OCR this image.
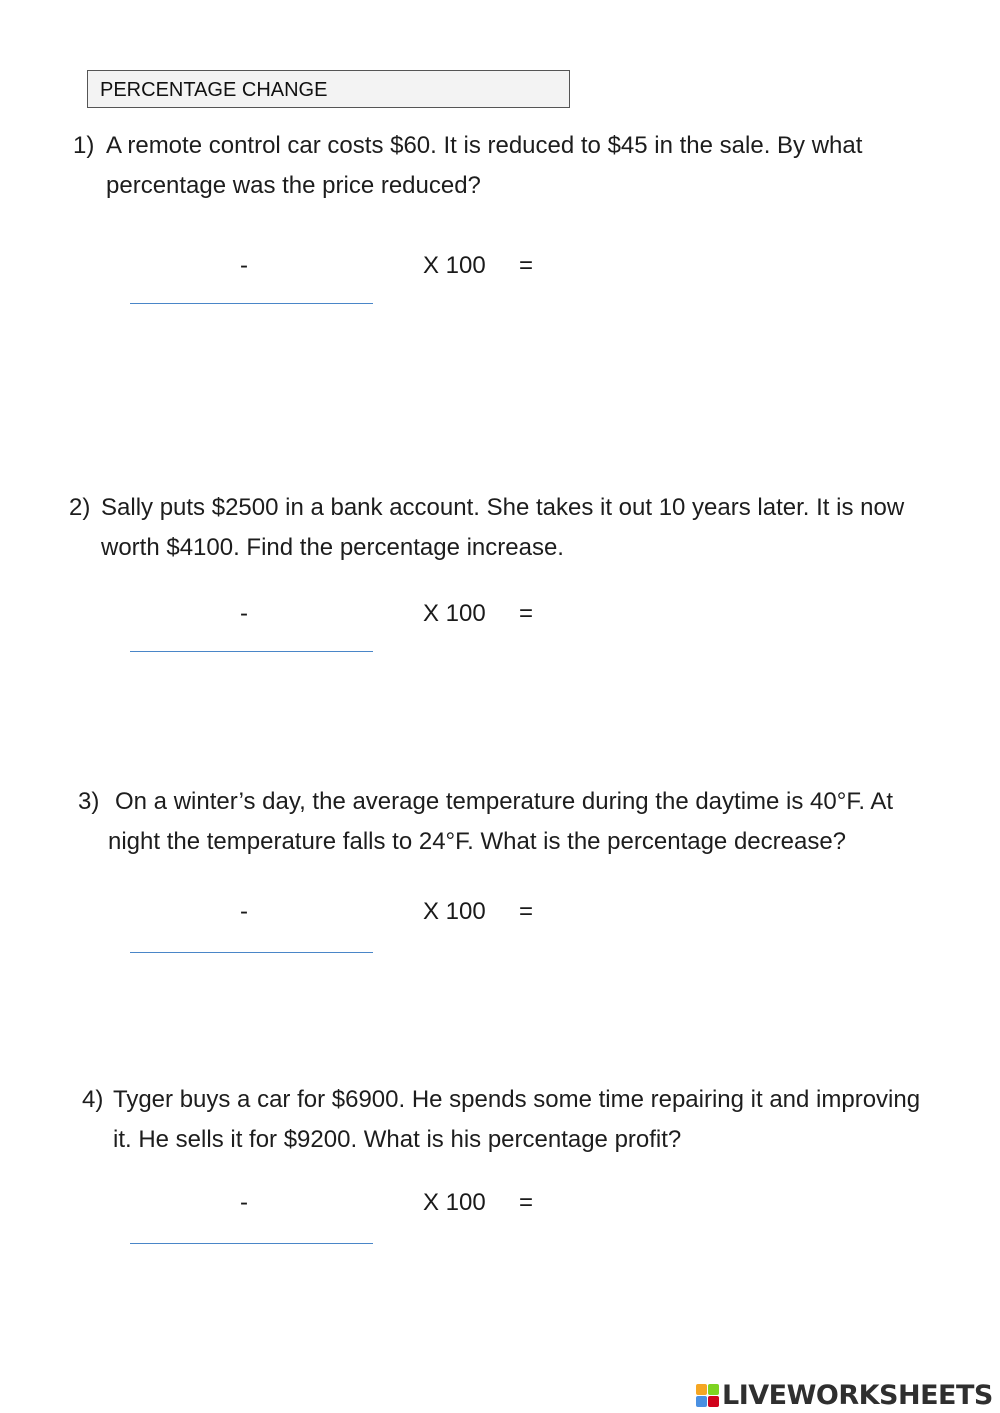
PERCENTAGE CHANGE
1) A remote control car costs $60. It is reduced to $45 in the sale. By what
percentage was the price reduced?
-	X 100 =
2) Sally puts $2500 in a bank account. She takes it out 10 years later. It is now
worth $4100. Find the percentage increase.
-	X 100 =
3) On a winter’s day, the average temperature during the daytime is 40°F. At
night the temperature falls to 24°F. What is the percentage decrease?
-	X 100 =
4) Tyger buys a car for $6900. He spends some time repairing it and improving
it. He sells it for $9200. What is his percentage profit?
-	X 100 =
LIVEWORKSHEETS
